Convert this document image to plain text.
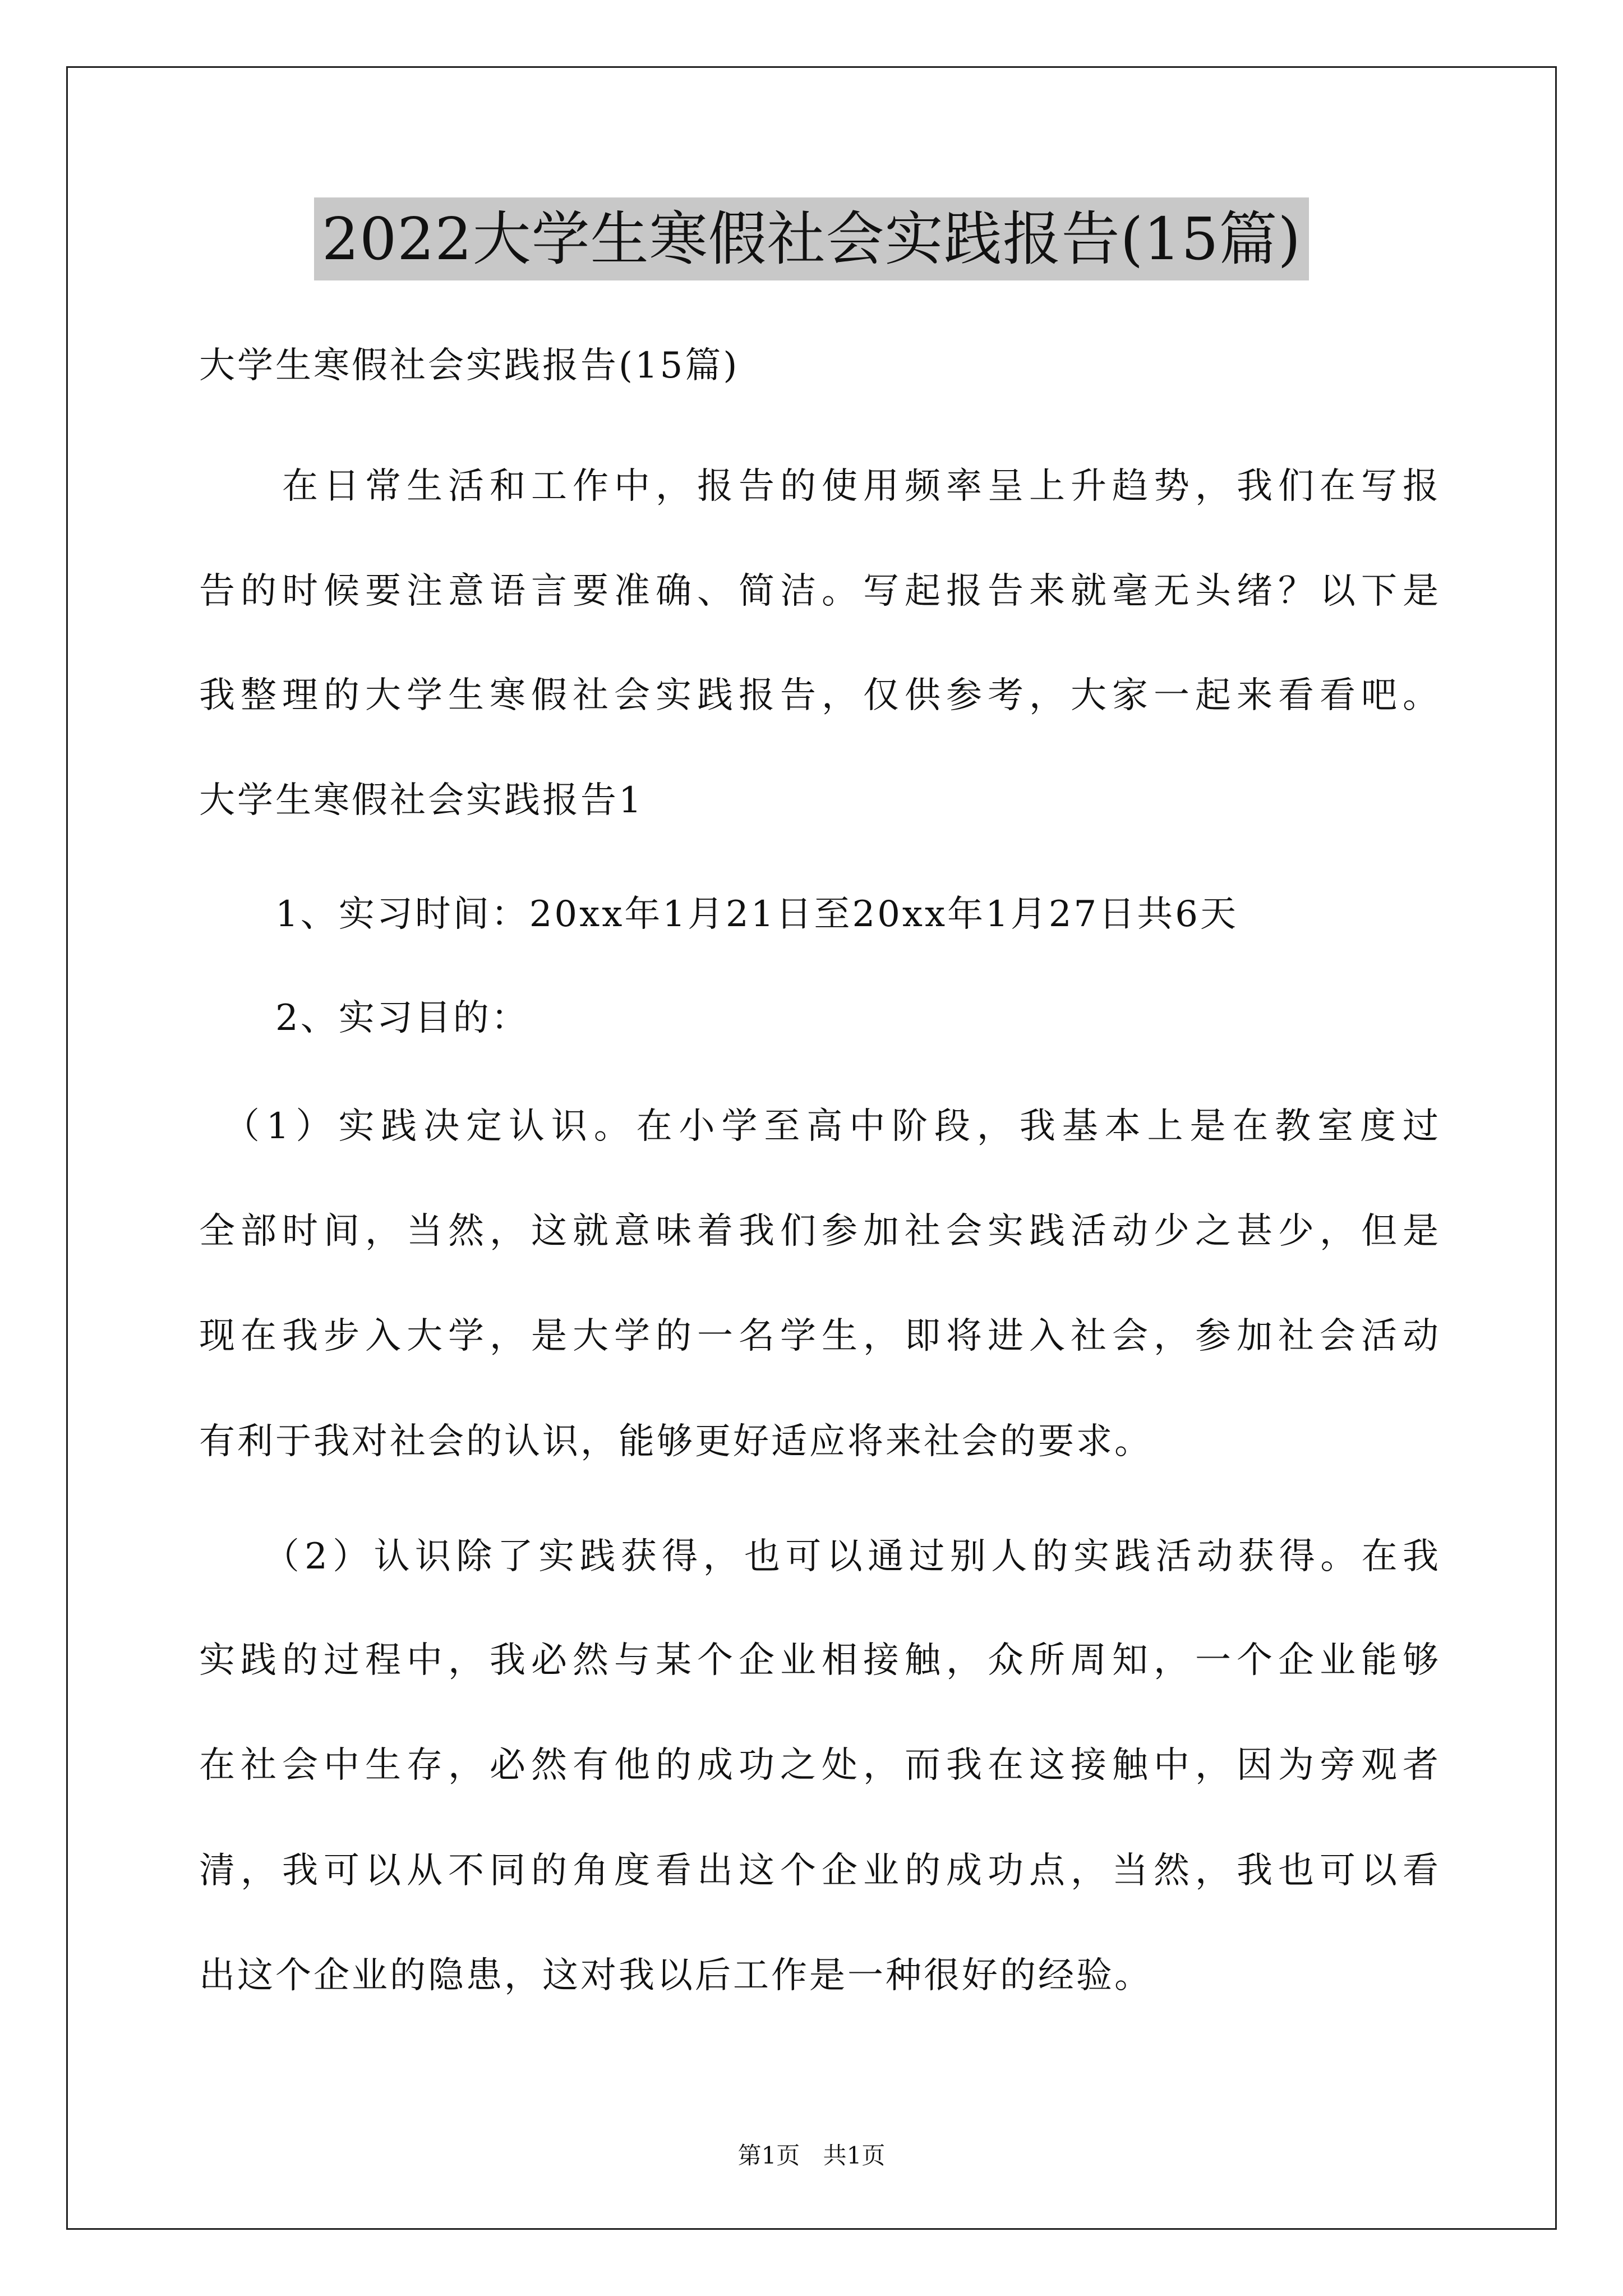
2022大学生寒假社会实践报告(15篇)
大学生寒假社会实践报告(15篇)
　　在日常生活和工作中，报告的使用频率呈上升趋势，我们在写报
告的时候要注意语言要准确、简洁。写起报告来就毫无头绪？以下是
我整理的大学生寒假社会实践报告，仅供参考，大家一起来看看吧。
大学生寒假社会实践报告1
　　1、实习时间：20xx年1月21日至20xx年1月27日共6天
　　2、实习目的：
　（1）实践决定认识。在小学至高中阶段，我基本上是在教室度过
全部时间，当然，这就意味着我们参加社会实践活动少之甚少，但是
现在我步入大学，是大学的一名学生，即将进入社会，参加社会活动
有利于我对社会的认识，能够更好适应将来社会的要求。
　　（2）认识除了实践获得，也可以通过别人的实践活动获得。在我
实践的过程中，我必然与某个企业相接触，众所周知，一个企业能够
在社会中生存，必然有他的成功之处，而我在这接触中，因为旁观者
清，我可以从不同的角度看出这个企业的成功点，当然，我也可以看
出这个企业的隐患，这对我以后工作是一种很好的经验。
第1页 共1页
